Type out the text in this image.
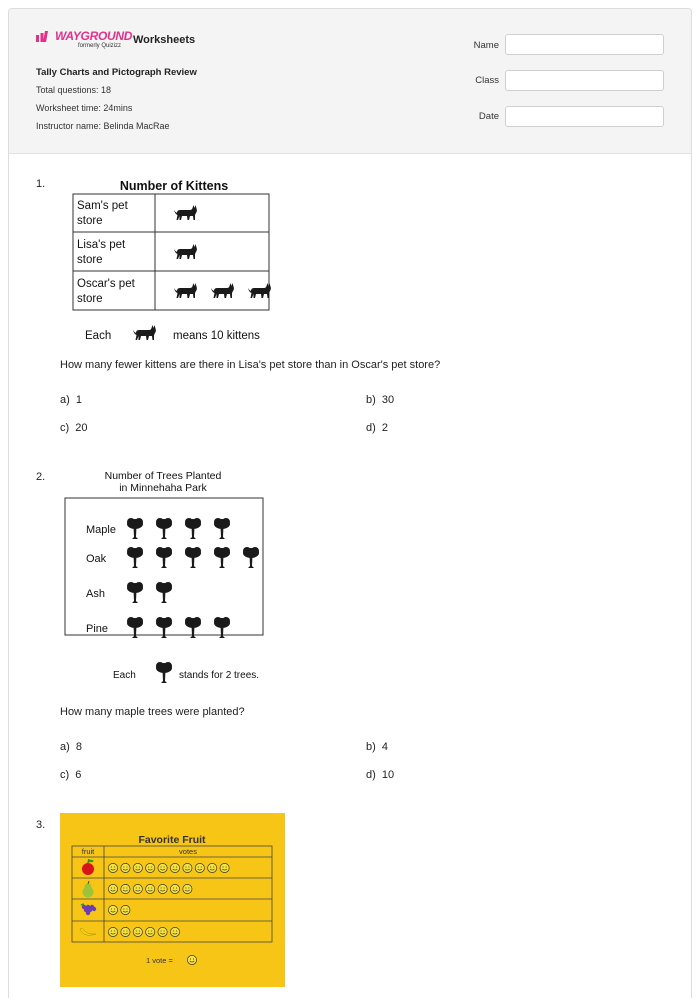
WAYGROUND
formerly Quizizz	Worksheets
Tally Charts and Pictograph Review
Total questions: 18
Worksheet time: 24mins
Instructor name: Belinda MacRae
Name
Class
Date
1.	Number of Kittens
Sam's pet
store
Lisa's pet
store
Oscar's pet
store
Each	means 10 kittens
How many fewer kittens are there in Lisa's pet store than in Oscar's pet store?
a) 1	b) 30
c) 20	d) 2
2.	Number of Trees Planted
in Minnehaha Park
Maple
Oak
Ash
Pine
Each	stands for 2 trees.
How many maple trees were planted?
a) 8	b) 4
c) 6	d) 10
3.
Favorite Fruit
fruit	votes
1 vote =
